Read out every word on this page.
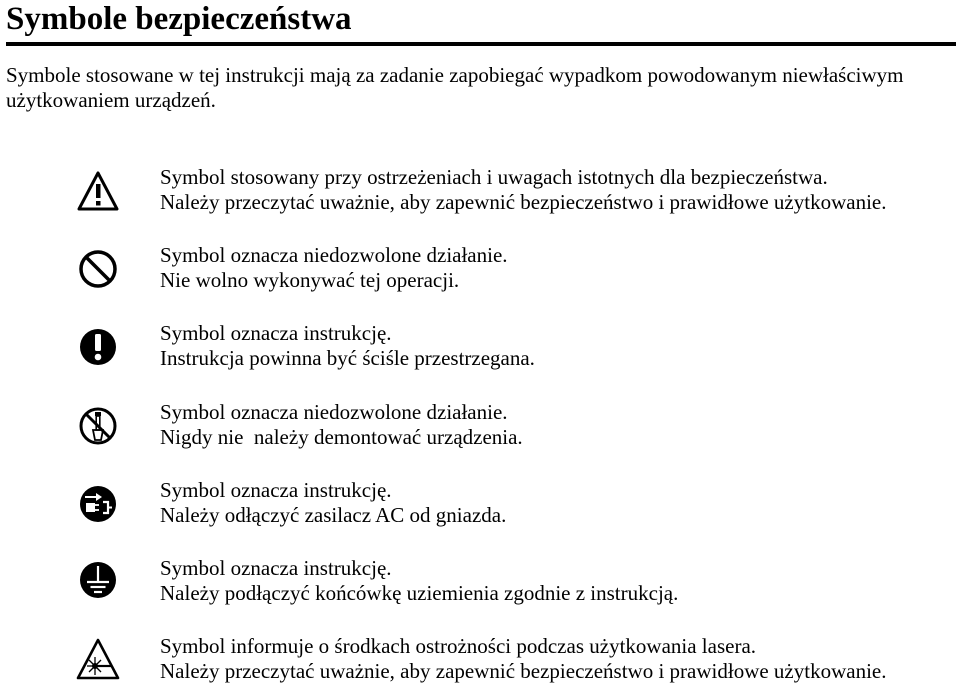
Symbole bezpieczeństwa
Symbole stosowane w tej instrukcji mają za zadanie zapobiegać wypadkom powodowanym niewłaściwym użytkowaniem urządzeń.
Symbol stosowany przy ostrzeżeniach i uwagach istotnych dla bezpieczeństwa.
Należy przeczytać uważnie, aby zapewnić bezpieczeństwo i prawidłowe użytkowanie.
Symbol oznacza niedozwolone działanie.
Nie wolno wykonywać tej operacji.
Symbol oznacza instrukcję.
Instrukcja powinna być ściśle przestrzegana.
Symbol oznacza niedozwolone działanie.
Nigdy nie  należy demontować urządzenia.
Symbol oznacza instrukcję.
Należy odłączyć zasilacz AC od gniazda.
Symbol oznacza instrukcję.
Należy podłączyć końcówkę uziemienia zgodnie z instrukcją.
Symbol informuje o środkach ostrożności podczas użytkowania lasera.
Należy przeczytać uważnie, aby zapewnić bezpieczeństwo i prawidłowe użytkowanie.
